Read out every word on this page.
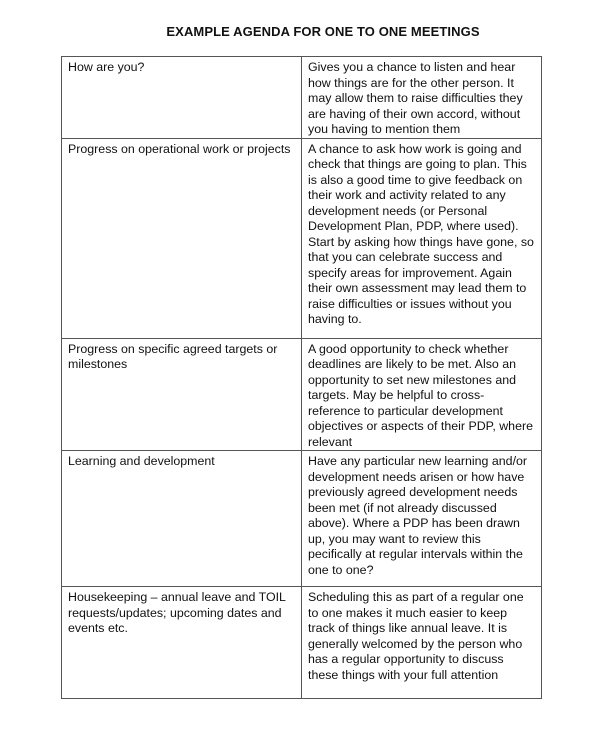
EXAMPLE AGENDA FOR ONE TO ONE MEETINGS
How are you?	Gives you a chance to listen and hear how things are for the other person. It may allow them to raise difficulties they are having of their own accord, without you having to mention them

Progress on operational work or projects	A chance to ask how work is going and check that things are going to plan. This is also a good time to give feedback on their work and activity related to any development needs (or Personal Development Plan, PDP, where used). Start by asking how things have gone, so that you can celebrate success and specify areas for improvement. Again their own assessment may lead them to raise difficulties or issues without you having to.

Progress on specific agreed targets or milestones	A good opportunity to check whether deadlines are likely to be met. Also an opportunity to set new milestones and targets. May be helpful to cross-reference to particular development objectives or aspects of their PDP, where relevant

Learning and development	Have any particular new learning and/or development needs arisen or how have previously agreed development needs been met (if not already discussed above). Where a PDP has been drawn up, you may want to review this pecifically at regular intervals within the one to one?

Housekeeping – annual leave and TOIL requests/updates; upcoming dates and events etc.	Scheduling this as part of a regular one to one makes it much easier to keep track of things like annual leave. It is generally welcomed by the person who has a regular opportunity to discuss these things with your full attention
